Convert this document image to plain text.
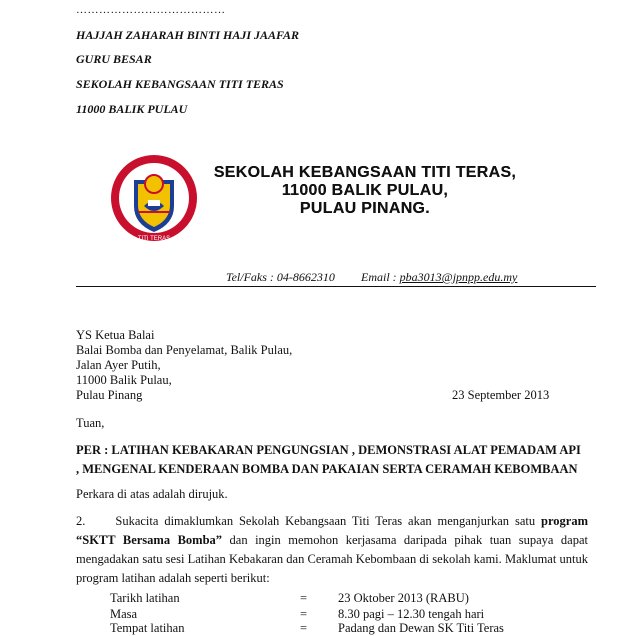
…………………………………
HAJJAH ZAHARAH BINTI HAJI JAAFAR
GURU BESAR
SEKOLAH KEBANGSAAN TITI TERAS
11000 BALIK PULAU
TITI TERAS
SEKOLAH KEBANGSAAN TITI TERAS,
11000 BALIK PULAU,
PULAU PINANG.
Tel/Faks : 04-8662310 Email : pba3013@jpnpp.edu.my
YS Ketua Balai
Balai Bomba dan Penyelamat, Balik Pulau,
Jalan Ayer Putih,
11000 Balik Pulau,
Pulau Pinang	23 September 2013
Tuan,
PER : LATIHAN KEBAKARAN PENGUNGSIAN , DEMONSTRASI ALAT PEMADAM API
, MENGENAL KENDERAAN BOMBA DAN PAKAIAN SERTA CERAMAH KEBOMBAAN
Perkara di atas adalah dirujuk.
2. Sukacita dimaklumkan Sekolah Kebangsaan Titi Teras akan menganjurkan satu program “SKTT Bersama Bomba” dan ingin memohon kerjasama daripada pihak tuan supaya dapat mengadakan satu sesi Latihan Kebakaran dan Ceramah Kebombaan di sekolah kami. Maklumat untuk program latihan adalah seperti berikut:
Tarikh latihan	= 23 Oktober 2013 (RABU)
Masa	= 8.30 pagi – 12.30 tengah hari
Tempat latihan	= Padang dan Dewan SK Titi Teras
